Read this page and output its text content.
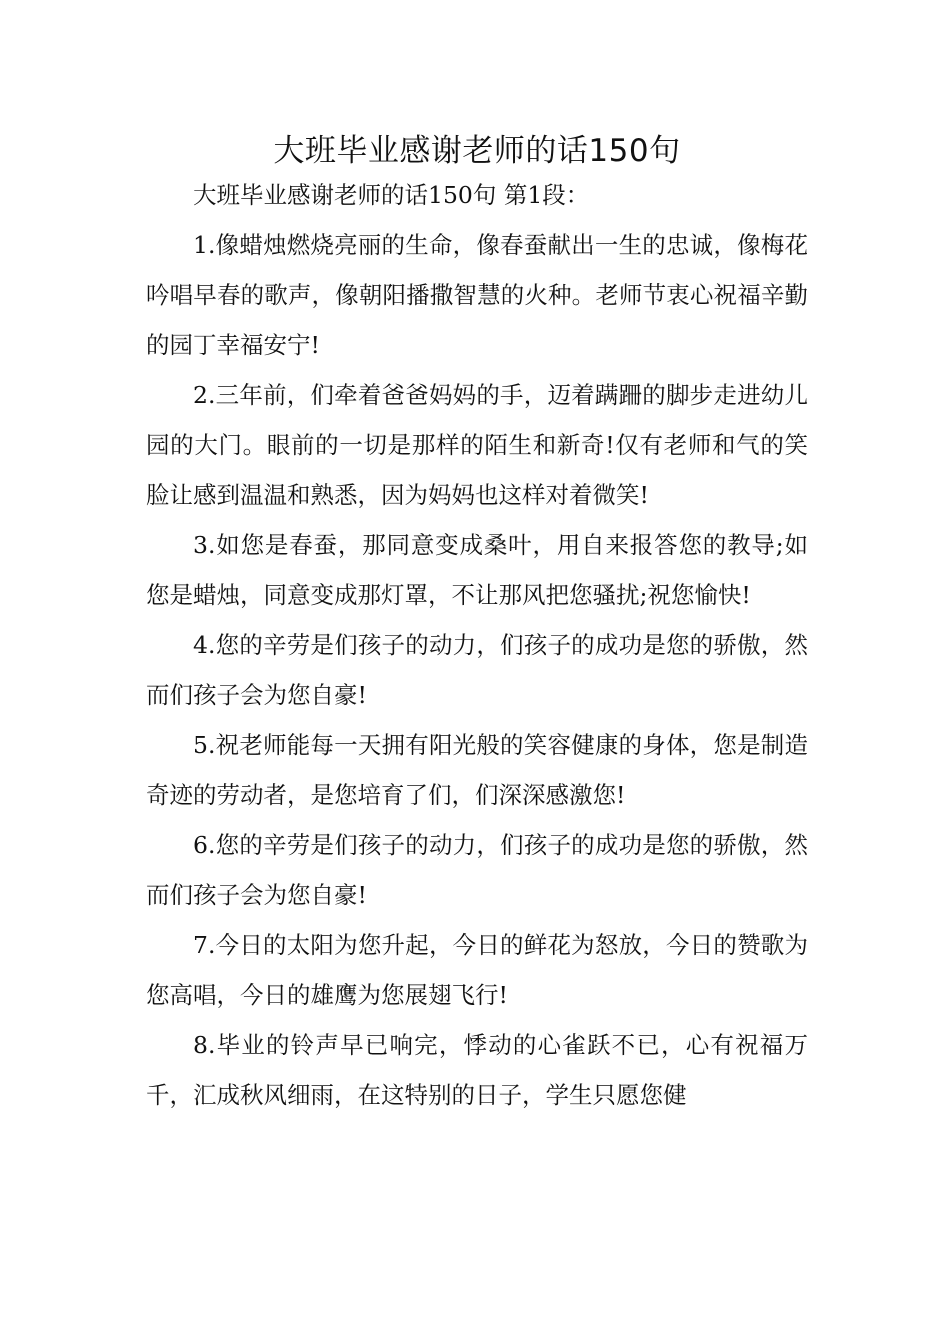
大班毕业感谢老师的话150句

大班毕业感谢老师的话150句 第1段：

1.像蜡烛燃烧亮丽的生命，像春蚕献出一生的忠诚，像梅花吟唱早春的歌声，像朝阳播撒智慧的火种。老师节衷心祝福辛勤的园丁幸福安宁!

2.三年前，们牵着爸爸妈妈的手，迈着蹒跚的脚步走进幼儿园的大门。眼前的一切是那样的陌生和新奇!仅有老师和气的笑脸让感到温温和熟悉，因为妈妈也这样对着微笑!

3.如您是春蚕，那同意变成桑叶，用自来报答您的教导;如您是蜡烛，同意变成那灯罩，不让那风把您骚扰;祝您愉快!

4.您的辛劳是们孩子的动力，们孩子的成功是您的骄傲，然而们孩子会为您自豪!

5.祝老师能每一天拥有阳光般的笑容健康的身体，您是制造奇迹的劳动者，是您培育了们，们深深感激您!

6.您的辛劳是们孩子的动力，们孩子的成功是您的骄傲，然而们孩子会为您自豪!

7.今日的太阳为您升起，今日的鲜花为怒放，今日的赞歌为您高唱，今日的雄鹰为您展翅飞行!

8.毕业的铃声早已响完，悸动的心雀跃不已，心有祝福万千，汇成秋风细雨，在这特别的日子，学生只愿您健
